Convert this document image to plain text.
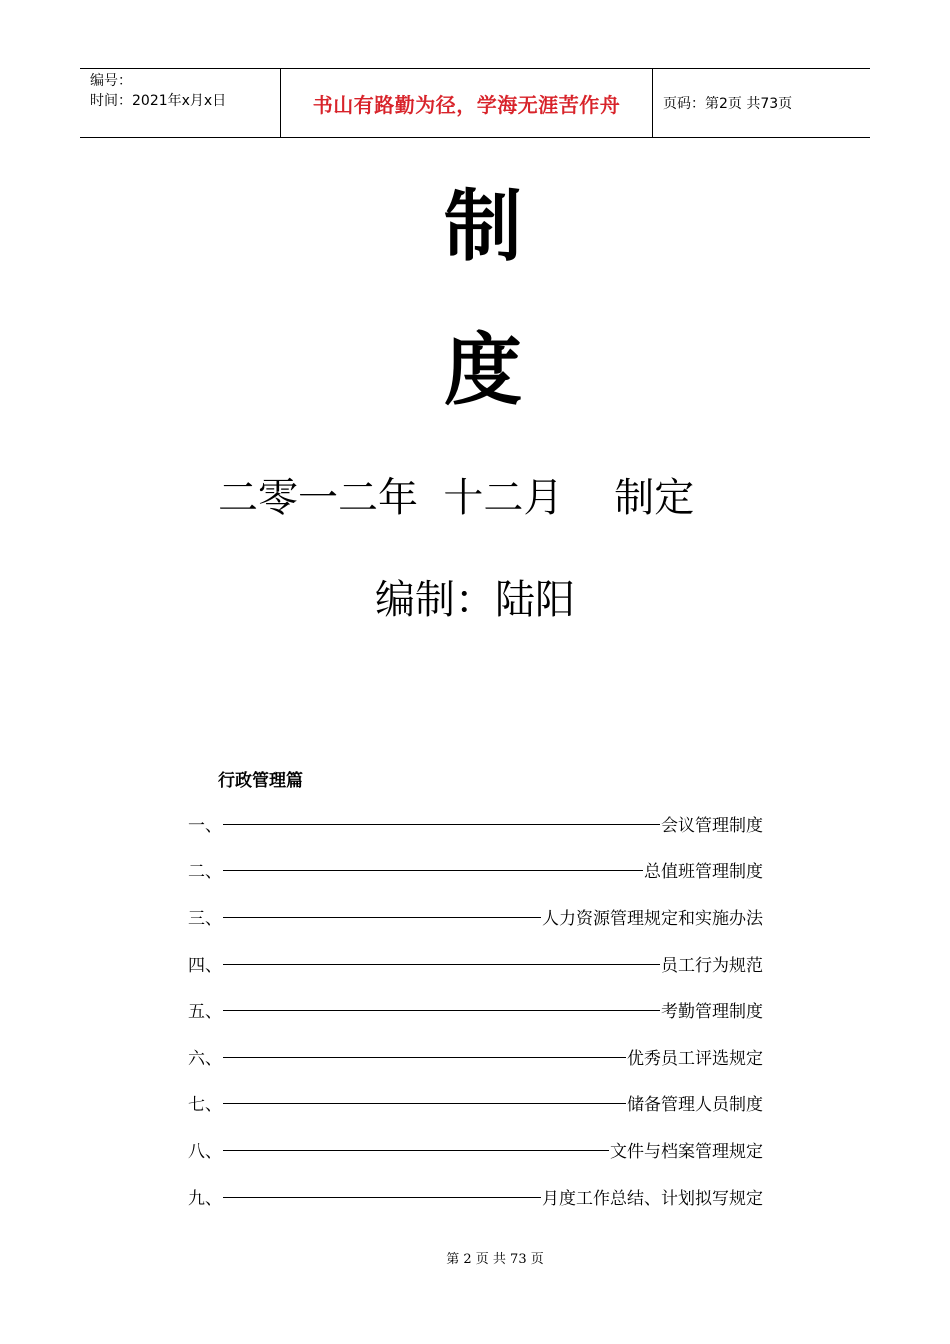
编号：
时间：2021年x月x日	书山有路勤为径，学海无涯苦作舟	页码：第2页 共73页
制
度
二零一二年  十二月    制定
编制：陆阳
行政管理篇
一、	会议管理制度
二、	总值班管理制度
三、	人力资源管理规定和实施办法
四、	员工行为规范
五、	考勤管理制度
六、	优秀员工评选规定
七、	储备管理人员制度
八、	文件与档案管理规定
九、	月度工作总结、计划拟写规定
第 2 页 共 73 页
